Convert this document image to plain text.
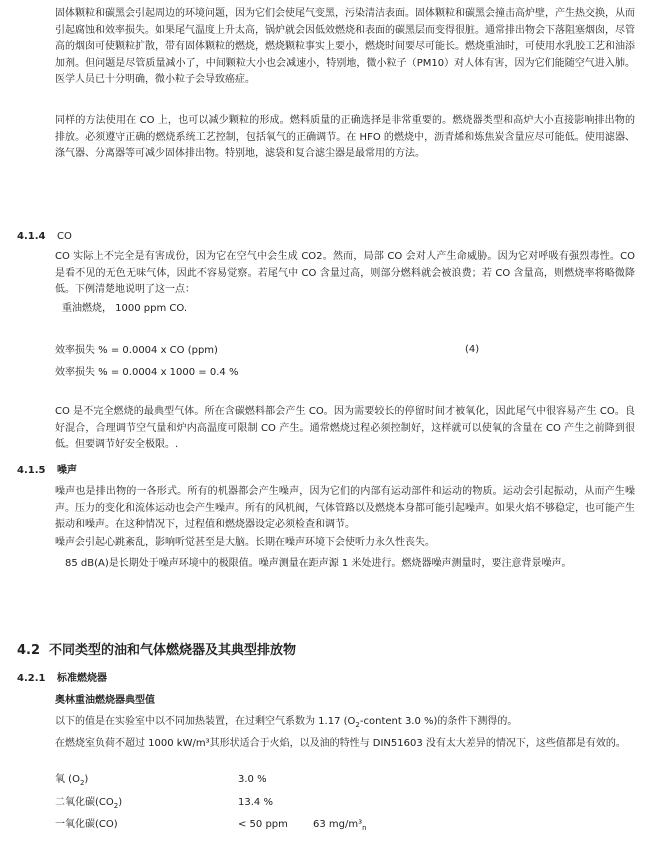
固体颗粒和碳黑会引起周边的环境问题，因为它们会使尾气变黑，污染清洁表面。固体颗粒和碳黑会撞击高炉壁，产生热交换，从而引起腐蚀和效率损失。如果尾气温度上升太高，锅炉就会因低效燃烧和表面的碳黑层而变得很脏。通常排出物会下落阻塞烟囱，尽管高的烟囱可使颗粒扩散，带有固体颗粒的燃烧，燃烧颗粒事实上要小，燃烧时间要尽可能长。燃烧重油时，可使用水乳胶工艺和油添加剂。但问题是尽管质量减小了，中间颗粒大小也会减速小，特别地，微小粒子（PM10）对人体有害，因为它们能随空气进入肺。医学人员已十分明确，微小粒子会导致癌症。

同样的方法使用在 CO 上，也可以减少颗粒的形成。燃料质量的正确选择是非常重要的。燃烧器类型和高炉大小直接影响排出物的排放。必须遵守正确的燃烧系统工艺控制，包括氧气的正确调节。在 HFO 的燃烧中，沥青烯和炼焦炭含量应尽可能低。使用滤器、涤气器、分离器等可减少固体排出物。特别地，滤袋和复合滤尘器是最常用的方法。

4.1.4 CO

CO 实际上不完全是有害成份，因为它在空气中会生成 CO2。然而，局部 CO 会对人产生命威胁。因为它对呼吸有强烈毒性。CO 是看不见的无色无味气体，因此不容易觉察。若尾气中 CO 含量过高，则部分燃料就会被浪费；若 CO 含量高，则燃烧率将略微降低。下例清楚地说明了这一点：

重油燃烧， 1000 ppm CO.
效率损失 % = 0.0004 x CO (ppm)	(4)
效率损失 % = 0.0004 x 1000 = 0.4 %

CO 是不完全燃烧的最典型气体。所在含碳燃料都会产生 CO。因为需要较长的停留时间才被氧化，因此尾气中很容易产生 CO。良好混合，合理调节空气量和炉内高温度可限制 CO 产生。通常燃烧过程必须控制好，这样就可以使氧的含量在 CO 产生之前降到很低。但要调节好安全极限。.

4.1.5 噪声

噪声也是排出物的一各形式。所有的机器都会产生噪声，因为它们的内部有运动部件和运动的物质。运动会引起振动，从而产生噪声。压力的变化和流体运动也会产生噪声。所有的风机阀，气体管路以及燃烧本身都可能引起噪声。如果火焰不够稳定，也可能产生振动和噪声。在这种情况下，过程值和燃烧器设定必须检查和调节。

噪声会引起心跳紊乱，影响听觉甚至是大脑。长期在噪声环境下会使听力永久性丧失。

85 dB(A)是长期处于噪声环境中的极限值。噪声测量在距声源 1 米处进行。燃烧器噪声测量时，要注意背景噪声。

4.2 不同类型的油和气体燃烧器及其典型排放物
4.2.1 标准燃烧器
奥林重油燃烧器典型值
以下的值是在实验室中以不同加热装置，在过剩空气系数为 1.17 ($O_2$-content 3.0 %)的条件下测得的。

在燃烧室负荷不超过 1000 kW/m³其形状适合于火焰，以及油的特性与 DIN51603 没有太大差异的情况下，这些值都是有效的。

氧 $(O_2)$	3.0 %
二氧化碳$(CO_2)$	13.4 %
一氧化碳(CO)	< 50 ppm	63 $mg/m^3_n$
